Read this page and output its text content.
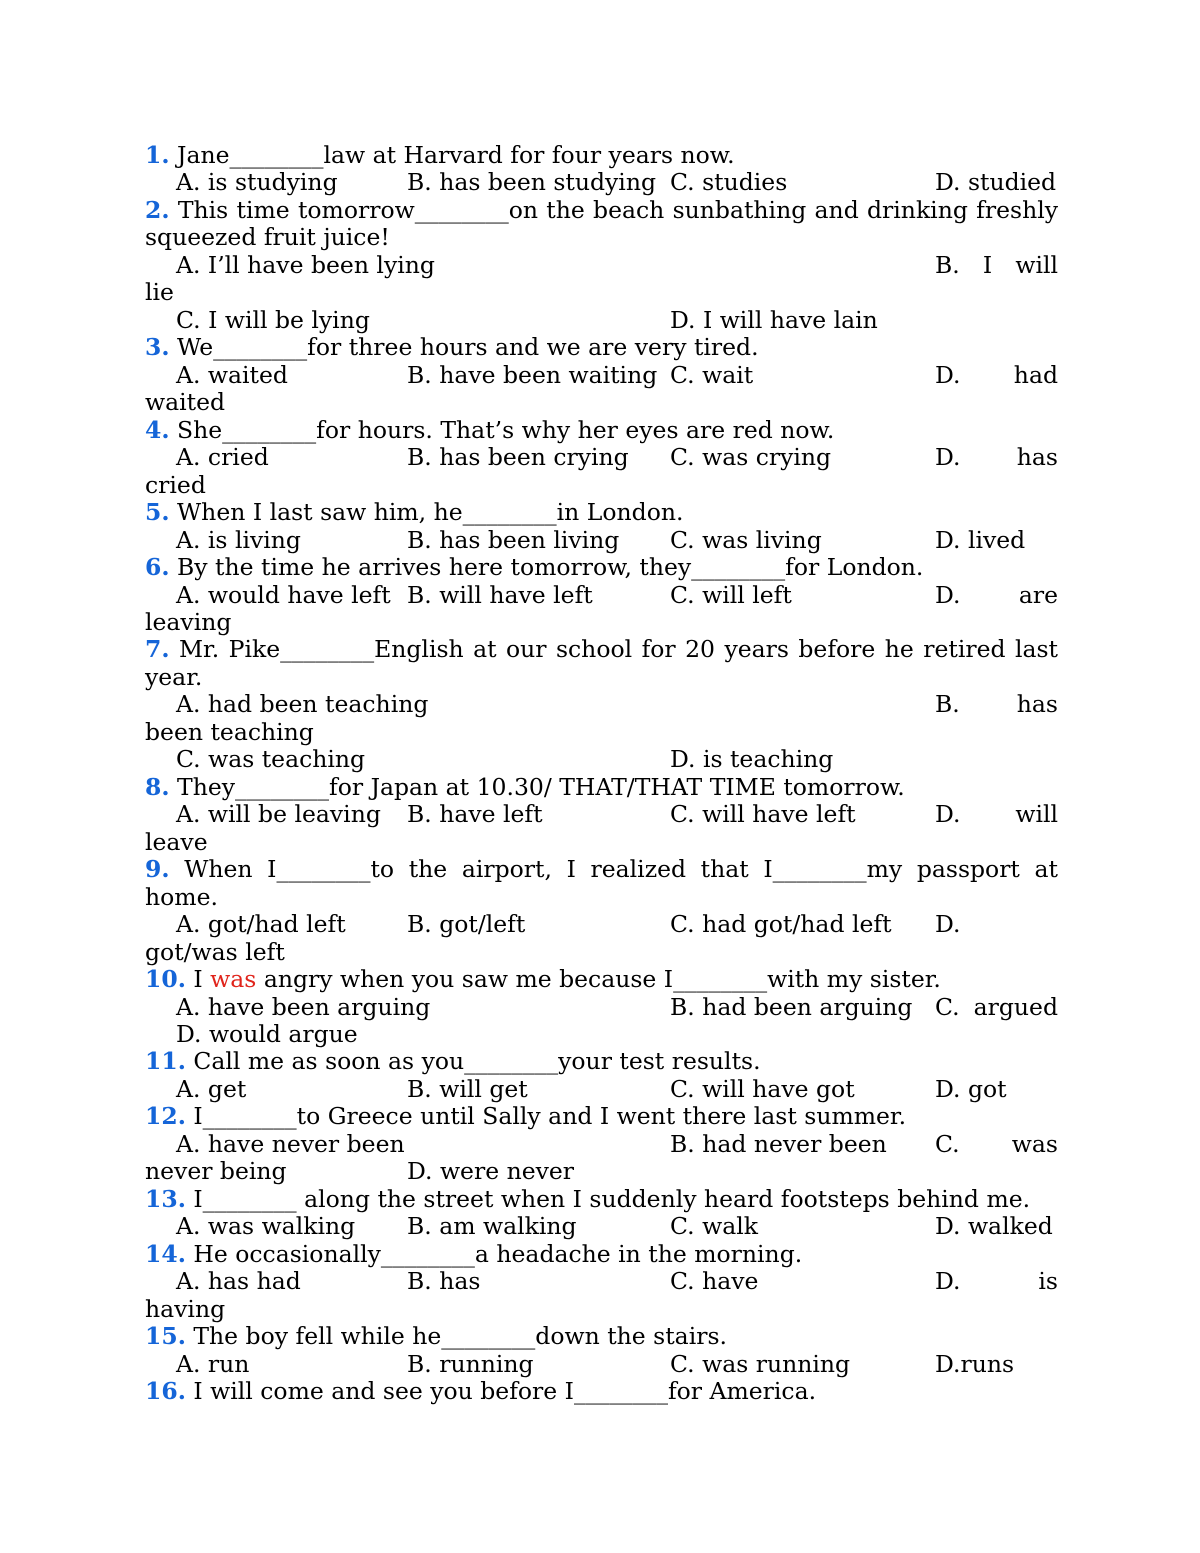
1. Jane________law at Harvard for four years now.
A. is studying	B. has been studying C. studies	D. studied
2. This time tomorrow________on the beach sunbathing and drinking freshly
squeezed fruit juice!
A. I’ll have been lying	B. I will
lie
C. I will be lying	D. I will have lain
3. We________for three hours and we are very tired.
A. waited	B. have been waiting C. wait	D. had
waited
4. She________for hours. That’s why her eyes are red now.
A. cried	B. has been crying C. was crying	D. has
cried
5. When I last saw him, he________in London.
A. is living	B. has been living C. was living	D. lived
6. By the time he arrives here tomorrow, they________for London.
A. would have left B. will have left	C. will left	D. are
leaving
7. Mr. Pike________English at our school for 20 years before he retired last
year.
A. had been teaching	B. has
been teaching
C. was teaching	D. is teaching
8. They________for Japan at 10.30/ THAT/THAT TIME tomorrow.
A. will be leaving B. have left	C. will have left	D. will
leave
9. When I________to the airport, I realized that I________my passport at
home.
A. got/had left	B. got/left	C. had got/had left D.
got/was left
10. I was angry when you saw me because I________with my sister.
A. have been arguing	B. had been arguing C. argued
D. would argue
11. Call me as soon as you________your test results.
A. get	B. will get	C. will have got	D. got
12. I________to Greece until Sally and I went there last summer.
A. have never been	B. had never been C. was
never being	D. were never
13. I________ along the street when I suddenly heard footsteps behind me.
A. was walking B. am walking	C. walk	D. walked
14. He occasionally________a headache in the morning.
A. has had	B. has	C. have	D. is
having
15. The boy fell while he________down the stairs.
A. run	B. running	C. was running	D.runs
16. I will come and see you before I________for America.
